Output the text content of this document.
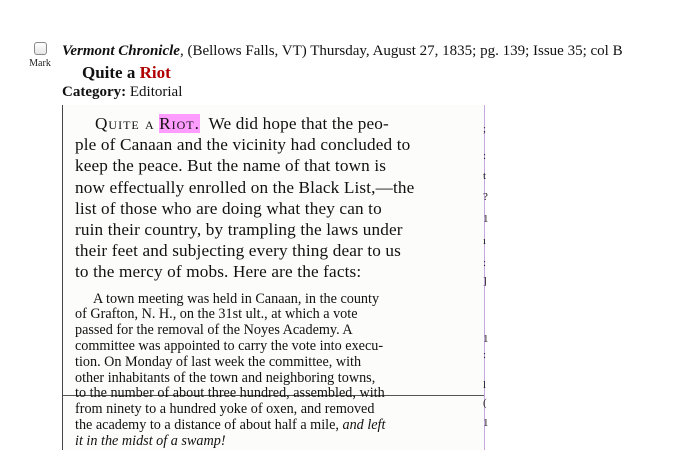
Mark
Vermont Chronicle, (Bellows Falls, VT) Thursday, August 27, 1835; pg. 139; Issue 35; col B
Quite a Riot
Category: Editorial

Quite a Riot. We did hope that the peo-
ple of Canaan and the vicinity had concluded to
keep the peace. But the name of that town is
now effectually enrolled on the Black List,—the
list of those who are doing what they can to
ruin their country, by trampling the laws under
their feet and subjecting every thing dear to us
to the mercy of mobs. Here are the facts:

A town meeting was held in Canaan, in the county
of Grafton, N. H., on the 31st ult., at which a vote
passed for the removal of the Noyes Academy. A
committee was appointed to carry the vote into execu-
tion. On Monday of last week the committee, with
other inhabitants of the town and neighboring towns,
to the number of about three hundred, assembled, with
from ninety to a hundred yoke of oxen, and removed
the academy to a distance of about half a mile, and left
it in the midst of a swamp!

;
:
t
?
1
ı
:
]
1
:
l
(
1
